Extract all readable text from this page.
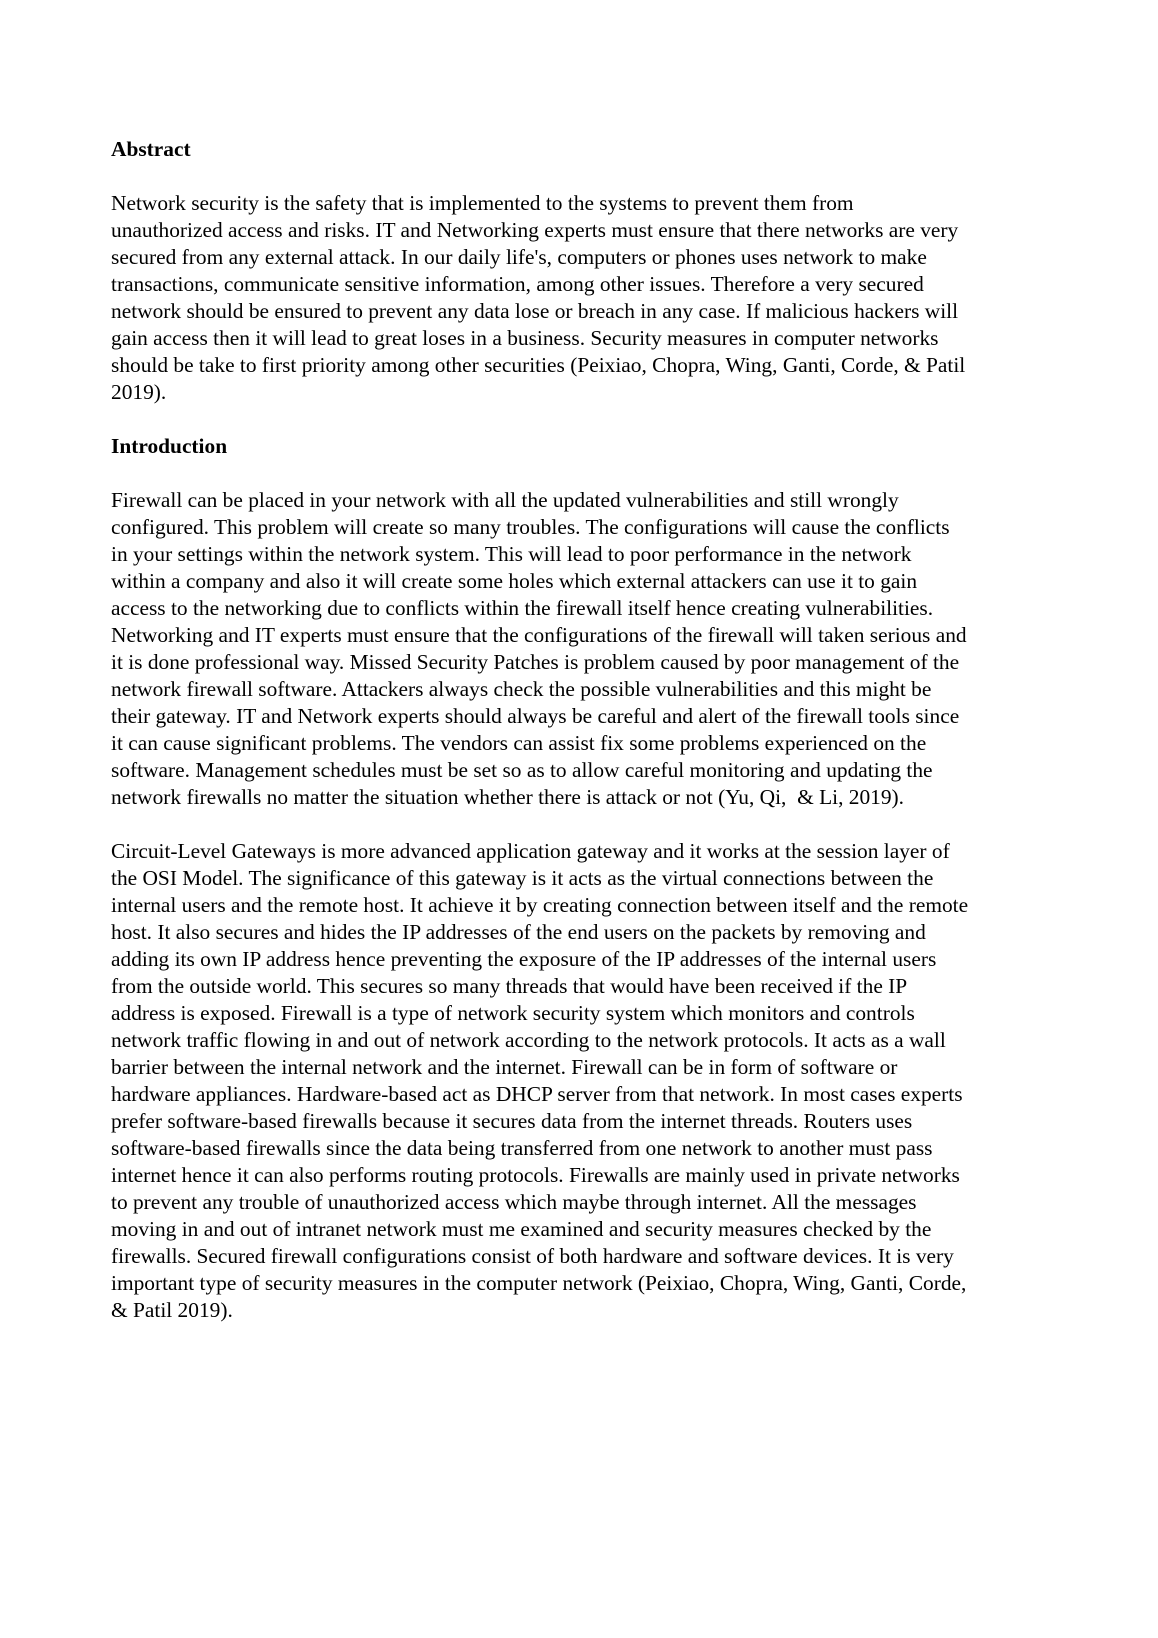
Abstract
Network security is the safety that is implemented to the systems to prevent them from
unauthorized access and risks. IT and Networking experts must ensure that there networks are very
secured from any external attack. In our daily life's, computers or phones uses network to make
transactions, communicate sensitive information, among other issues. Therefore a very secured
network should be ensured to prevent any data lose or breach in any case. If malicious hackers will
gain access then it will lead to great loses in a business. Security measures in computer networks
should be take to first priority among other securities (Peixiao, Chopra, Wing, Ganti, Corde, & Patil
2019).
Introduction
Firewall can be placed in your network with all the updated vulnerabilities and still wrongly
configured. This problem will create so many troubles. The configurations will cause the conflicts
in your settings within the network system. This will lead to poor performance in the network
within a company and also it will create some holes which external attackers can use it to gain
access to the networking due to conflicts within the firewall itself hence creating vulnerabilities.
Networking and IT experts must ensure that the configurations of the firewall will taken serious and
it is done professional way. Missed Security Patches is problem caused by poor management of the
network firewall software. Attackers always check the possible vulnerabilities and this might be
their gateway. IT and Network experts should always be careful and alert of the firewall tools since
it can cause significant problems. The vendors can assist fix some problems experienced on the
software. Management schedules must be set so as to allow careful monitoring and updating the
network firewalls no matter the situation whether there is attack or not (Yu, Qi,  & Li, 2019).
Circuit-Level Gateways is more advanced application gateway and it works at the session layer of
the OSI Model. The significance of this gateway is it acts as the virtual connections between the
internal users and the remote host. It achieve it by creating connection between itself and the remote
host. It also secures and hides the IP addresses of the end users on the packets by removing and
adding its own IP address hence preventing the exposure of the IP addresses of the internal users
from the outside world. This secures so many threads that would have been received if the IP
address is exposed. Firewall is a type of network security system which monitors and controls
network traffic flowing in and out of network according to the network protocols. It acts as a wall
barrier between the internal network and the internet. Firewall can be in form of software or
hardware appliances. Hardware-based act as DHCP server from that network. In most cases experts
prefer software-based firewalls because it secures data from the internet threads. Routers uses
software-based firewalls since the data being transferred from one network to another must pass
internet hence it can also performs routing protocols. Firewalls are mainly used in private networks
to prevent any trouble of unauthorized access which maybe through internet. All the messages
moving in and out of intranet network must me examined and security measures checked by the
firewalls. Secured firewall configurations consist of both hardware and software devices. It is very
important type of security measures in the computer network (Peixiao, Chopra, Wing, Ganti, Corde,
& Patil 2019).
